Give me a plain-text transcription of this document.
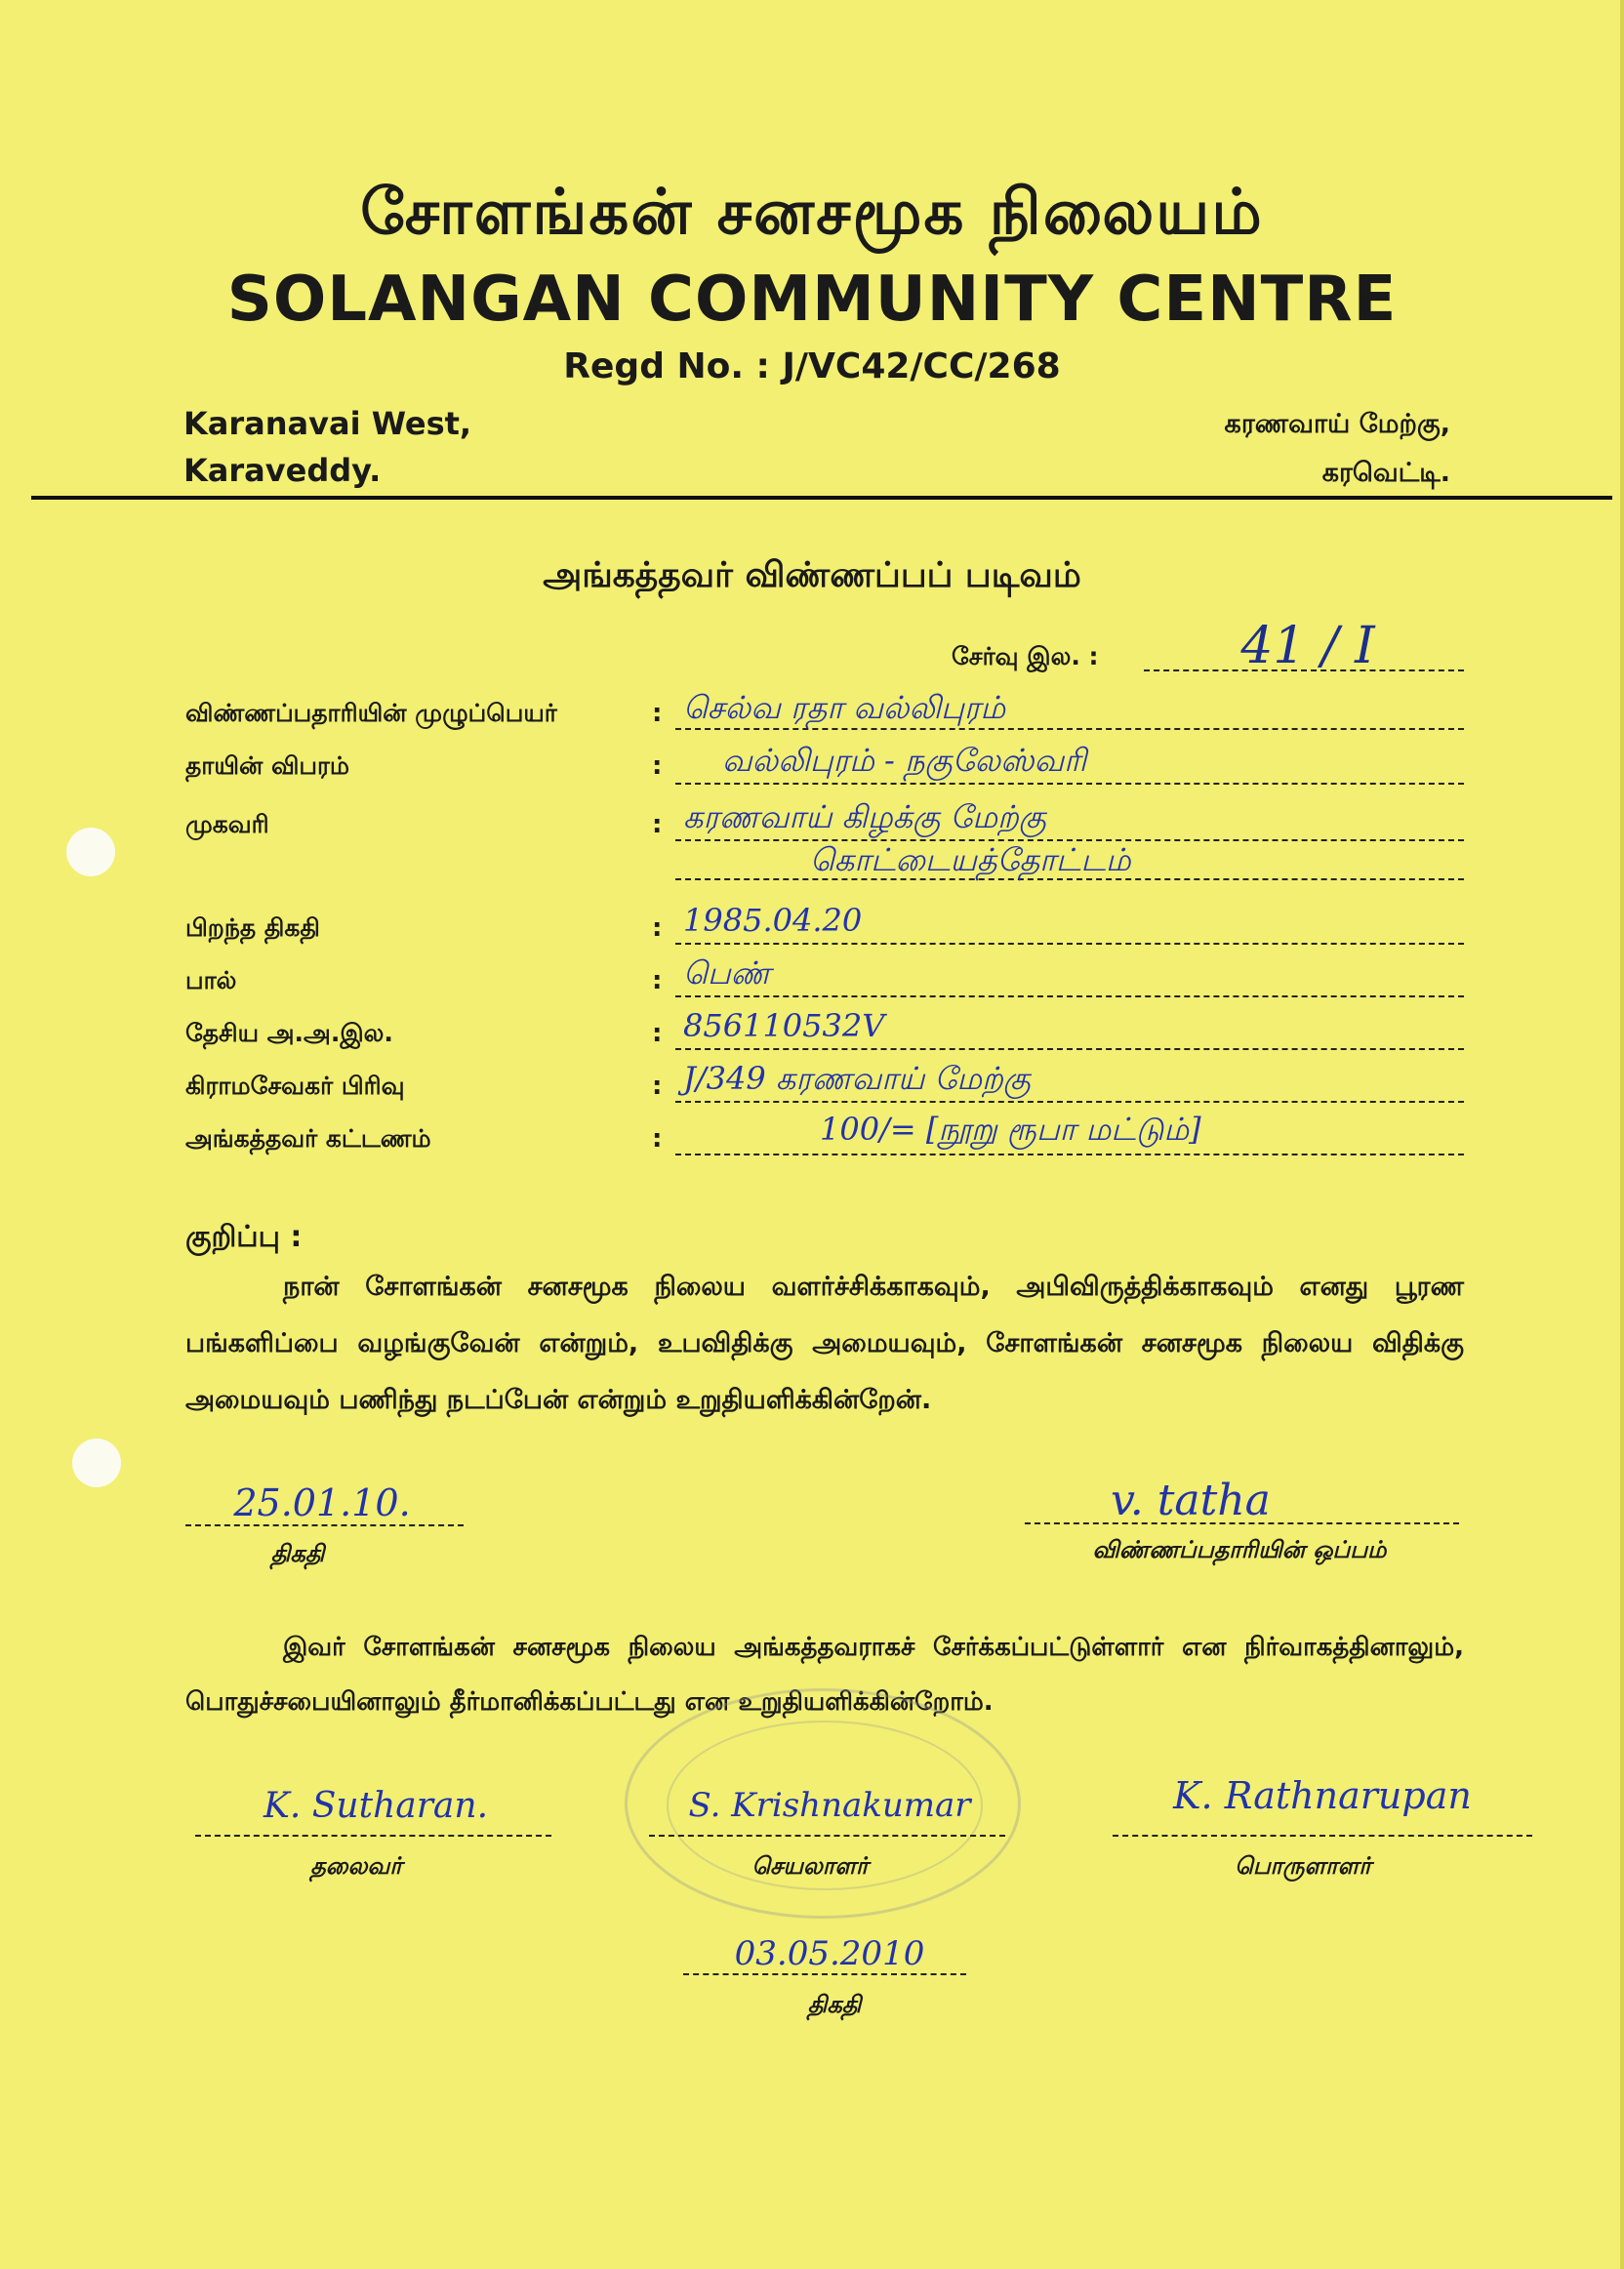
சோளங்கன் சனசமூக நிலையம்
SOLANGAN COMMUNITY CENTRE
Regd No. : J/VC42/CC/268
Karanavai West,
Karaveddy.
கரணவாய் மேற்கு,
கரவெட்டி.
அங்கத்தவர் விண்ணப்பப் படிவம்
சேர்வு இல. :	41 / I
விண்ணப்பதாரியின் முழுப்பெயர்	: செல்வ ரதா வல்லிபுரம்
தாயின் விபரம்	: வல்லிபுரம் - நகுலேஸ்வரி
முகவரி	: கரணவாய் கிழக்கு மேற்கு
கொட்டையத்தோட்டம்
பிறந்த திகதி	: 1985.04.20
பால்	: பெண்
தேசிய அ.அ.இல.	: 856110532V
கிராமசேவகர் பிரிவு	: J/349 கரணவாய் மேற்கு
அங்கத்தவர் கட்டணம்	:	100/= [நூறு ரூபா மட்டும்]
குறிப்பு :

நான் சோளங்கன் சனசமூக நிலைய வளர்ச்சிக்காகவும், அபிவிருத்திக்காகவும் எனது பூரண பங்களிப்பை வழங்குவேன் என்றும், உபவிதிக்கு அமையவும், சோளங்கன் சனசமூக நிலைய விதிக்கு அமையவும் பணிந்து நடப்பேன் என்றும் உறுதியளிக்கின்றேன்.

25.01.10.
திகதி
v. tatha
விண்ணப்பதாரியின் ஒப்பம்

இவர் சோளங்கன் சனசமூக நிலைய அங்கத்தவராகச் சேர்க்கப்பட்டுள்ளார் என நிர்வாகத்தினாலும், பொதுச்சபையினாலும் தீர்மானிக்கப்பட்டது என உறுதியளிக்கின்றோம்.

K. Sutharan.
தலைவர்
S. Krishnakumar
செயலாளர்
K. Rathnarupan
பொருளாளர்
03.05.2010
திகதி
